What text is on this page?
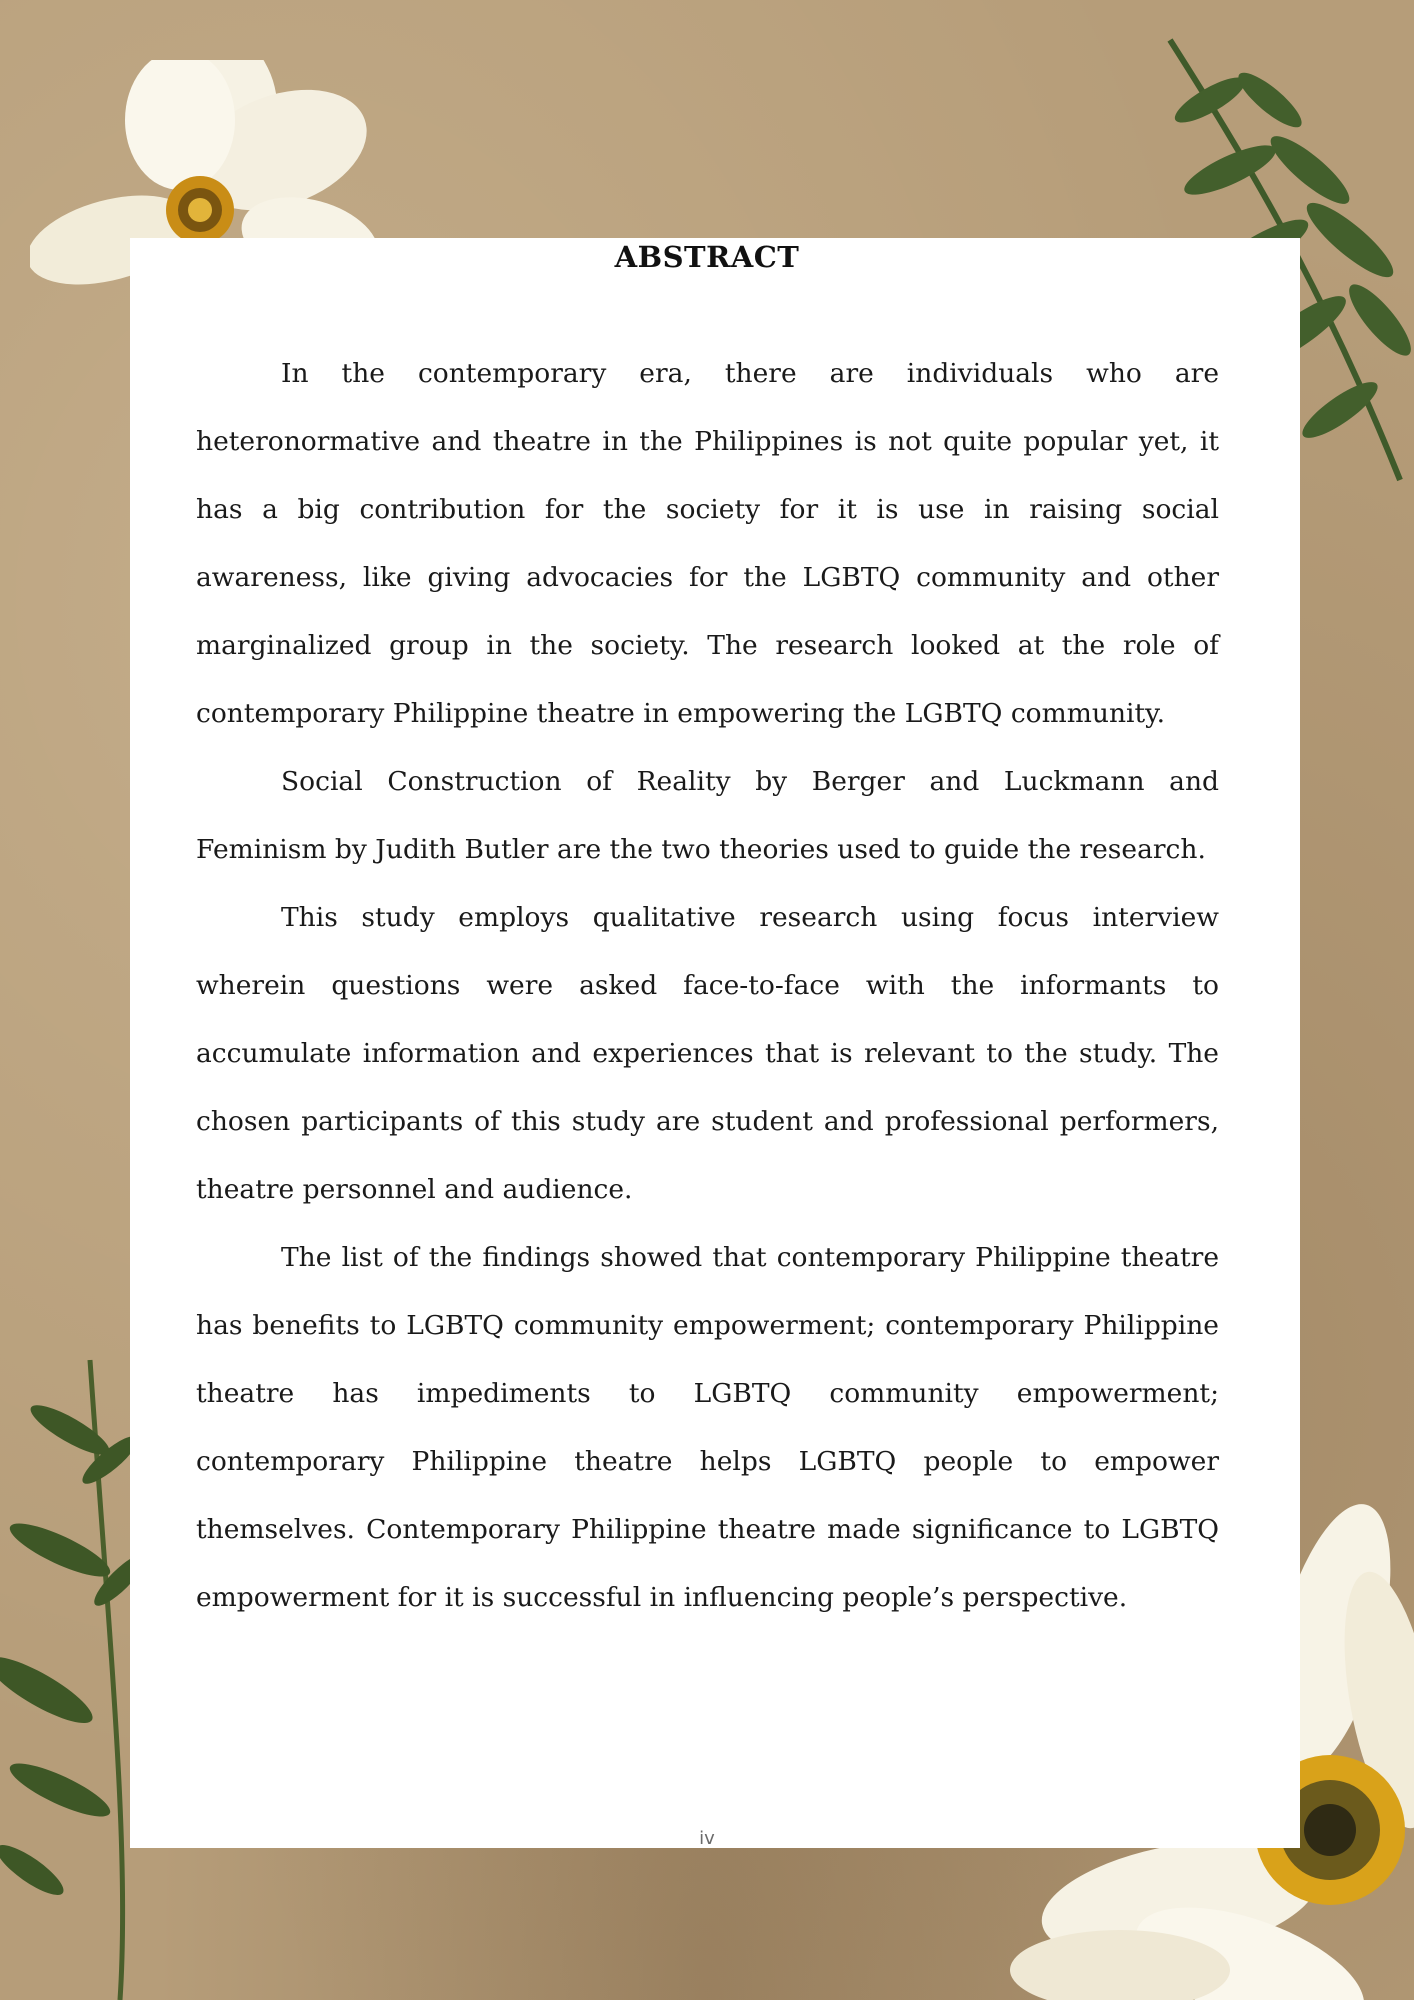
ABSTRACT

In the contemporary era, there are individuals who are heteronormative and theatre in the Philippines is not quite popular yet, it has a big contribution for the society for it is use in raising social awareness, like giving advocacies for the LGBTQ community and other marginalized group in the society. The research looked at the role of contemporary Philippine theatre in empowering the LGBTQ community.

Social Construction of Reality by Berger and Luckmann and Feminism by Judith Butler are the two theories used to guide the research.

This study employs qualitative research using focus interview wherein questions were asked face-to-face with the informants to accumulate information and experiences that is relevant to the study. The chosen participants of this study are student and professional performers, theatre personnel and audience.

The list of the findings showed that contemporary Philippine theatre has benefits to LGBTQ community empowerment; contemporary Philippine theatre has impediments to LGBTQ community empowerment; contemporary Philippine theatre helps LGBTQ people to empower themselves. Contemporary Philippine theatre made significance to LGBTQ empowerment for it is successful in influencing people’s perspective.

iv
